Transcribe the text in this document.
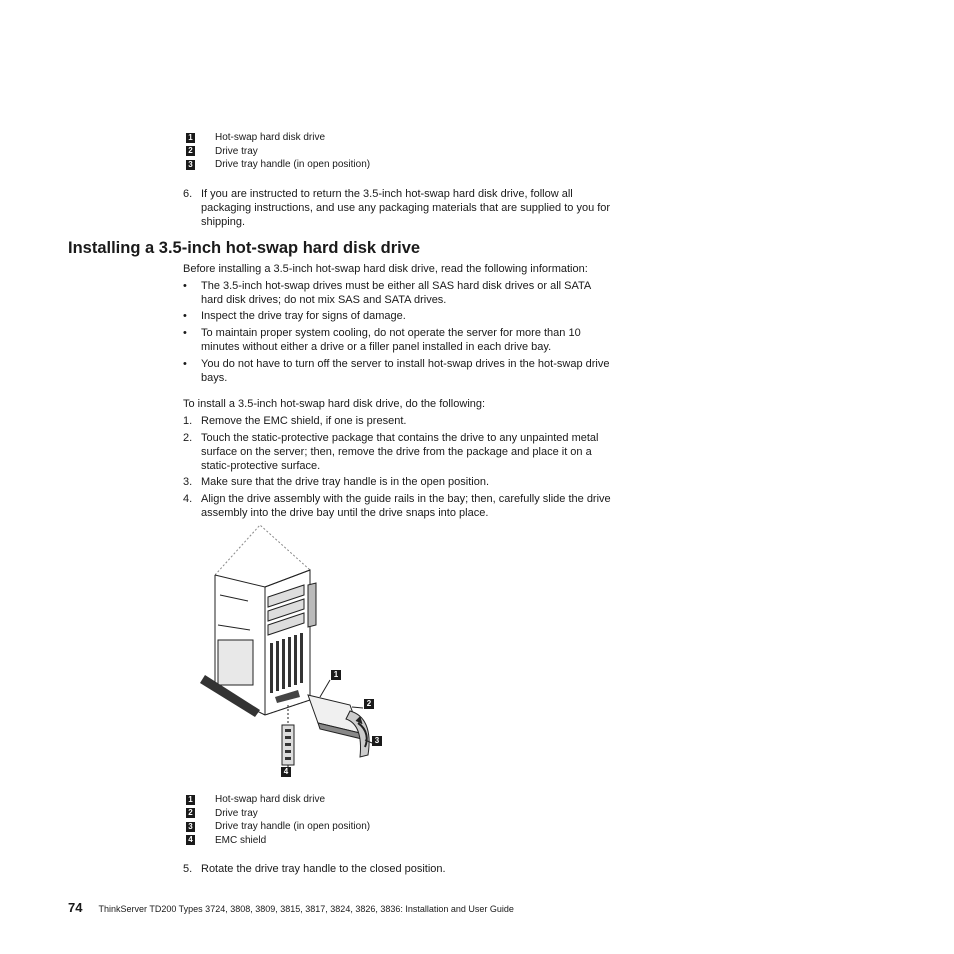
1 Hot-swap hard disk drive
2 Drive tray
3 Drive tray handle (in open position)
6. If you are instructed to return the 3.5-inch hot-swap hard disk drive, follow all packaging instructions, and use any packaging materials that are supplied to you for shipping.
Installing a 3.5-inch hot-swap hard disk drive
Before installing a 3.5-inch hot-swap hard disk drive, read the following information:
•	The 3.5-inch hot-swap drives must be either all SAS hard disk drives or all SATA hard disk drives; do not mix SAS and SATA drives.
•	Inspect the drive tray for signs of damage.
•	To maintain proper system cooling, do not operate the server for more than 10 minutes without either a drive or a filler panel installed in each drive bay.
•	You do not have to turn off the server to install hot-swap drives in the hot-swap drive bays.
To install a 3.5-inch hot-swap hard disk drive, do the following:
1. Remove the EMC shield, if one is present.
2. Touch the static-protective package that contains the drive to any unpainted metal surface on the server; then, remove the drive from the package and place it on a static-protective surface.
3. Make sure that the drive tray handle is in the open position.
4. Align the drive assembly with the guide rails in the bay; then, carefully slide the drive assembly into the drive bay until the drive snaps into place.
1
2
3
4
1 Hot-swap hard disk drive
2 Drive tray
3 Drive tray handle (in open position)
4 EMC shield
5. Rotate the drive tray handle to the closed position.
74 ThinkServer TD200 Types 3724, 3808, 3809, 3815, 3817, 3824, 3826, 3836: Installation and User Guide
